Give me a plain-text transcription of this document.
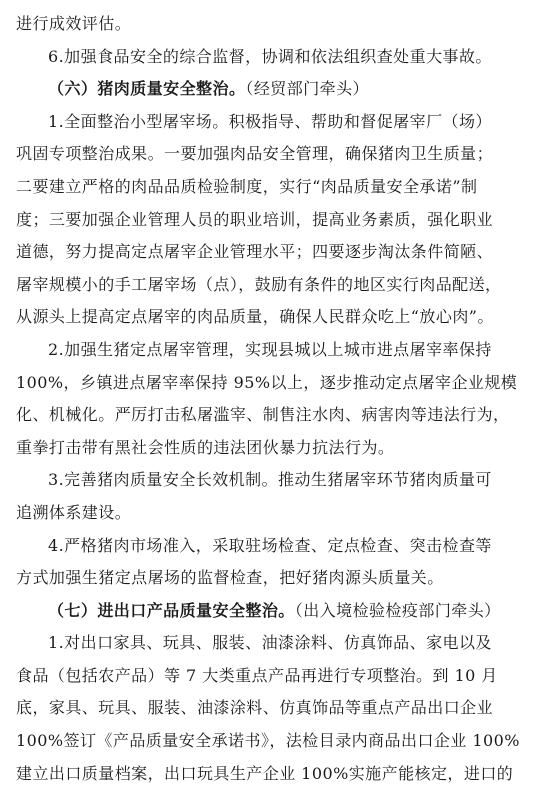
进行成效评估。
6.加强食品安全的综合监督，协调和依法组织查处重大事故。
（六）猪肉质量安全整治。（经贸部门牵头）
1.全面整治小型屠宰场。积极指导、帮助和督促屠宰厂（场）
巩固专项整治成果。一要加强肉品安全管理，确保猪肉卫生质量；
二要建立严格的肉品品质检验制度，实行“肉品质量安全承诺”制
度；三要加强企业管理人员的职业培训，提高业务素质，强化职业
道德，努力提高定点屠宰企业管理水平；四要逐步淘汰条件简陋、
屠宰规模小的手工屠宰场（点），鼓励有条件的地区实行肉品配送，
从源头上提高定点屠宰的肉品质量，确保人民群众吃上“放心肉”。
2.加强生猪定点屠宰管理，实现县城以上城市进点屠宰率保持
100%，乡镇进点屠宰率保持 95%以上，逐步推动定点屠宰企业规模
化、机械化。严厉打击私屠滥宰、制售注水肉、病害肉等违法行为，
重拳打击带有黑社会性质的违法团伙暴力抗法行为。
3.完善猪肉质量安全长效机制。推动生猪屠宰环节猪肉质量可
追溯体系建设。
4.严格猪肉市场准入，采取驻场检查、定点检查、突击检查等
方式加强生猪定点屠场的监督检查，把好猪肉源头质量关。
（七）进出口产品质量安全整治。（出入境检验检疫部门牵头）
1.对出口家具、玩具、服装、油漆涂料、仿真饰品、家电以及
食品（包括农产品）等 7 大类重点产品再进行专项整治。到 10 月
底，家具、玩具、服装、油漆涂料、仿真饰品等重点产品出口企业
100%签订《产品质量安全承诺书》，法检目录内商品出口企业 100%
建立出口质量档案，出口玩具生产企业 100%实施产能核定，进口的
